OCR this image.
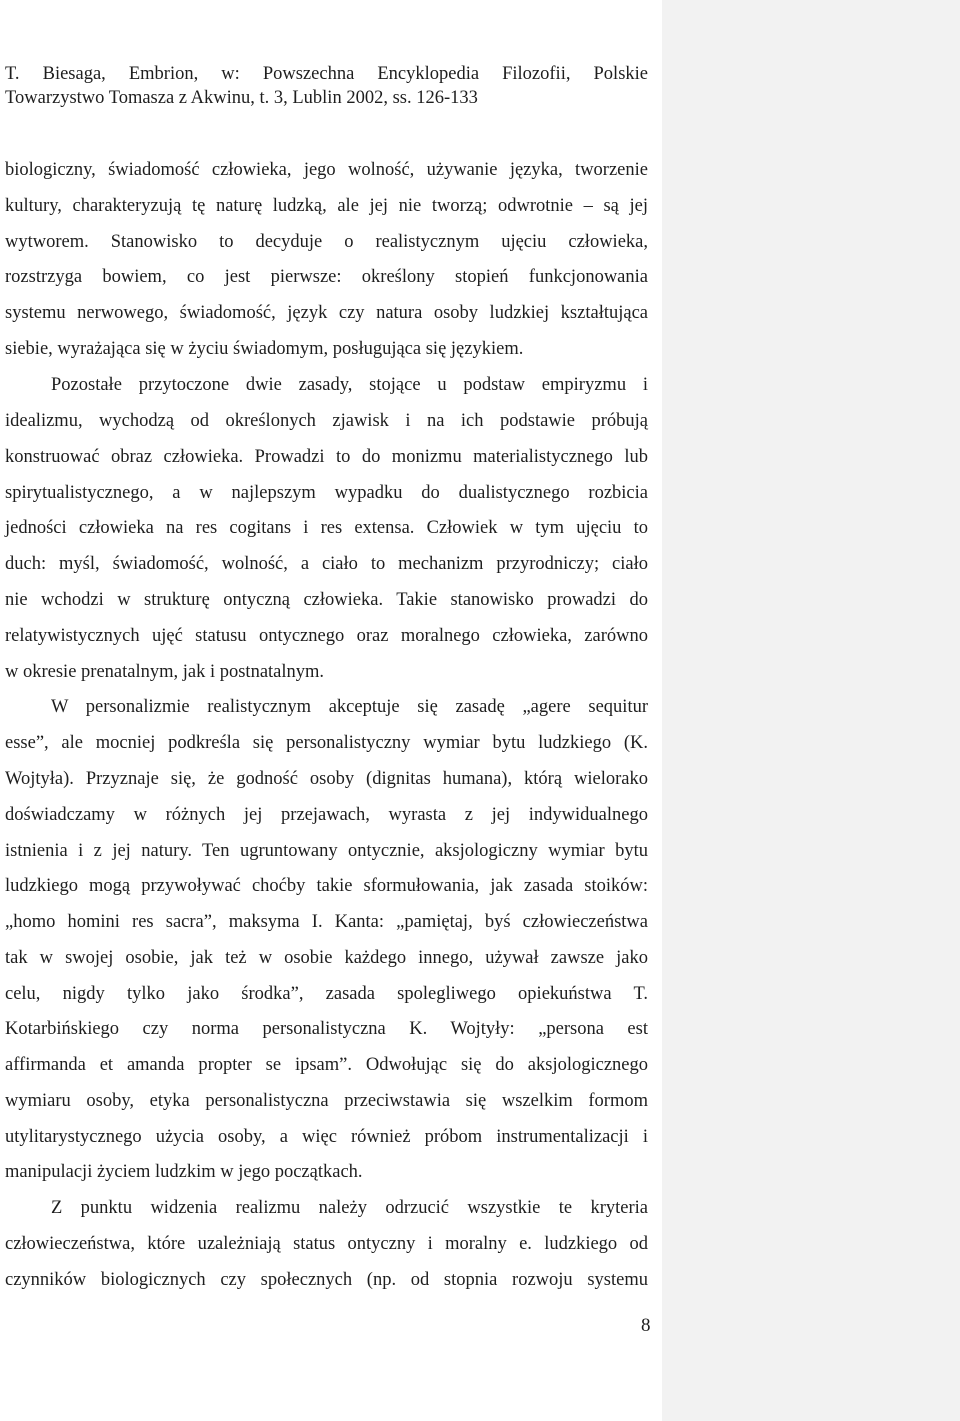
T. Biesaga, Embrion, w: Powszechna Encyklopedia Filozofii, Polskie
Towarzystwo Tomasza z Akwinu, t. 3, Lublin 2002, ss. 126-133
biologiczny, świadomość człowieka, jego wolność, używanie języka, tworzenie
kultury, charakteryzują tę naturę ludzką, ale jej nie tworzą; odwrotnie – są jej
wytworem. Stanowisko to decyduje o realistycznym ujęciu człowieka,
rozstrzyga bowiem, co jest pierwsze: określony stopień funkcjonowania
systemu nerwowego, świadomość, język czy natura osoby ludzkiej kształtująca
siebie, wyrażająca się w życiu świadomym, posługująca się językiem.
Pozostałe przytoczone dwie zasady, stojące u podstaw empiryzmu i
idealizmu, wychodzą od określonych zjawisk i na ich podstawie próbują
konstruować obraz człowieka. Prowadzi to do monizmu materialistycznego lub
spirytualistycznego, a w najlepszym wypadku do dualistycznego rozbicia
jedności człowieka na res cogitans i res extensa. Człowiek w tym ujęciu to
duch: myśl, świadomość, wolność, a ciało to mechanizm przyrodniczy; ciało
nie wchodzi w strukturę ontyczną człowieka. Takie stanowisko prowadzi do
relatywistycznych ujęć statusu ontycznego oraz moralnego człowieka, zarówno
w okresie prenatalnym, jak i postnatalnym.
W personalizmie realistycznym akceptuje się zasadę „agere sequitur
esse”, ale mocniej podkreśla się personalistyczny wymiar bytu ludzkiego (K.
Wojtyła). Przyznaje się, że godność osoby (dignitas humana), którą wielorako
doświadczamy w różnych jej przejawach, wyrasta z jej indywidualnego
istnienia i z jej natury. Ten ugruntowany ontycznie, aksjologiczny wymiar bytu
ludzkiego mogą przywoływać choćby takie sformułowania, jak zasada stoików:
„homo homini res sacra”, maksyma I. Kanta: „pamiętaj, byś człowieczeństwa
tak w swojej osobie, jak też w osobie każdego innego, używał zawsze jako
celu, nigdy tylko jako środka”, zasada spolegliwego opiekuństwa T.
Kotarbińskiego czy norma personalistyczna K. Wojtyły: „persona est
affirmanda et amanda propter se ipsam”. Odwołując się do aksjologicznego
wymiaru osoby, etyka personalistyczna przeciwstawia się wszelkim formom
utylitarystycznego użycia osoby, a więc również próbom instrumentalizacji i
manipulacji życiem ludzkim w jego początkach.
Z punktu widzenia realizmu należy odrzucić wszystkie te kryteria
człowieczeństwa, które uzależniają status ontyczny i moralny e. ludzkiego od
czynników biologicznych czy społecznych (np. od stopnia rozwoju systemu
8
